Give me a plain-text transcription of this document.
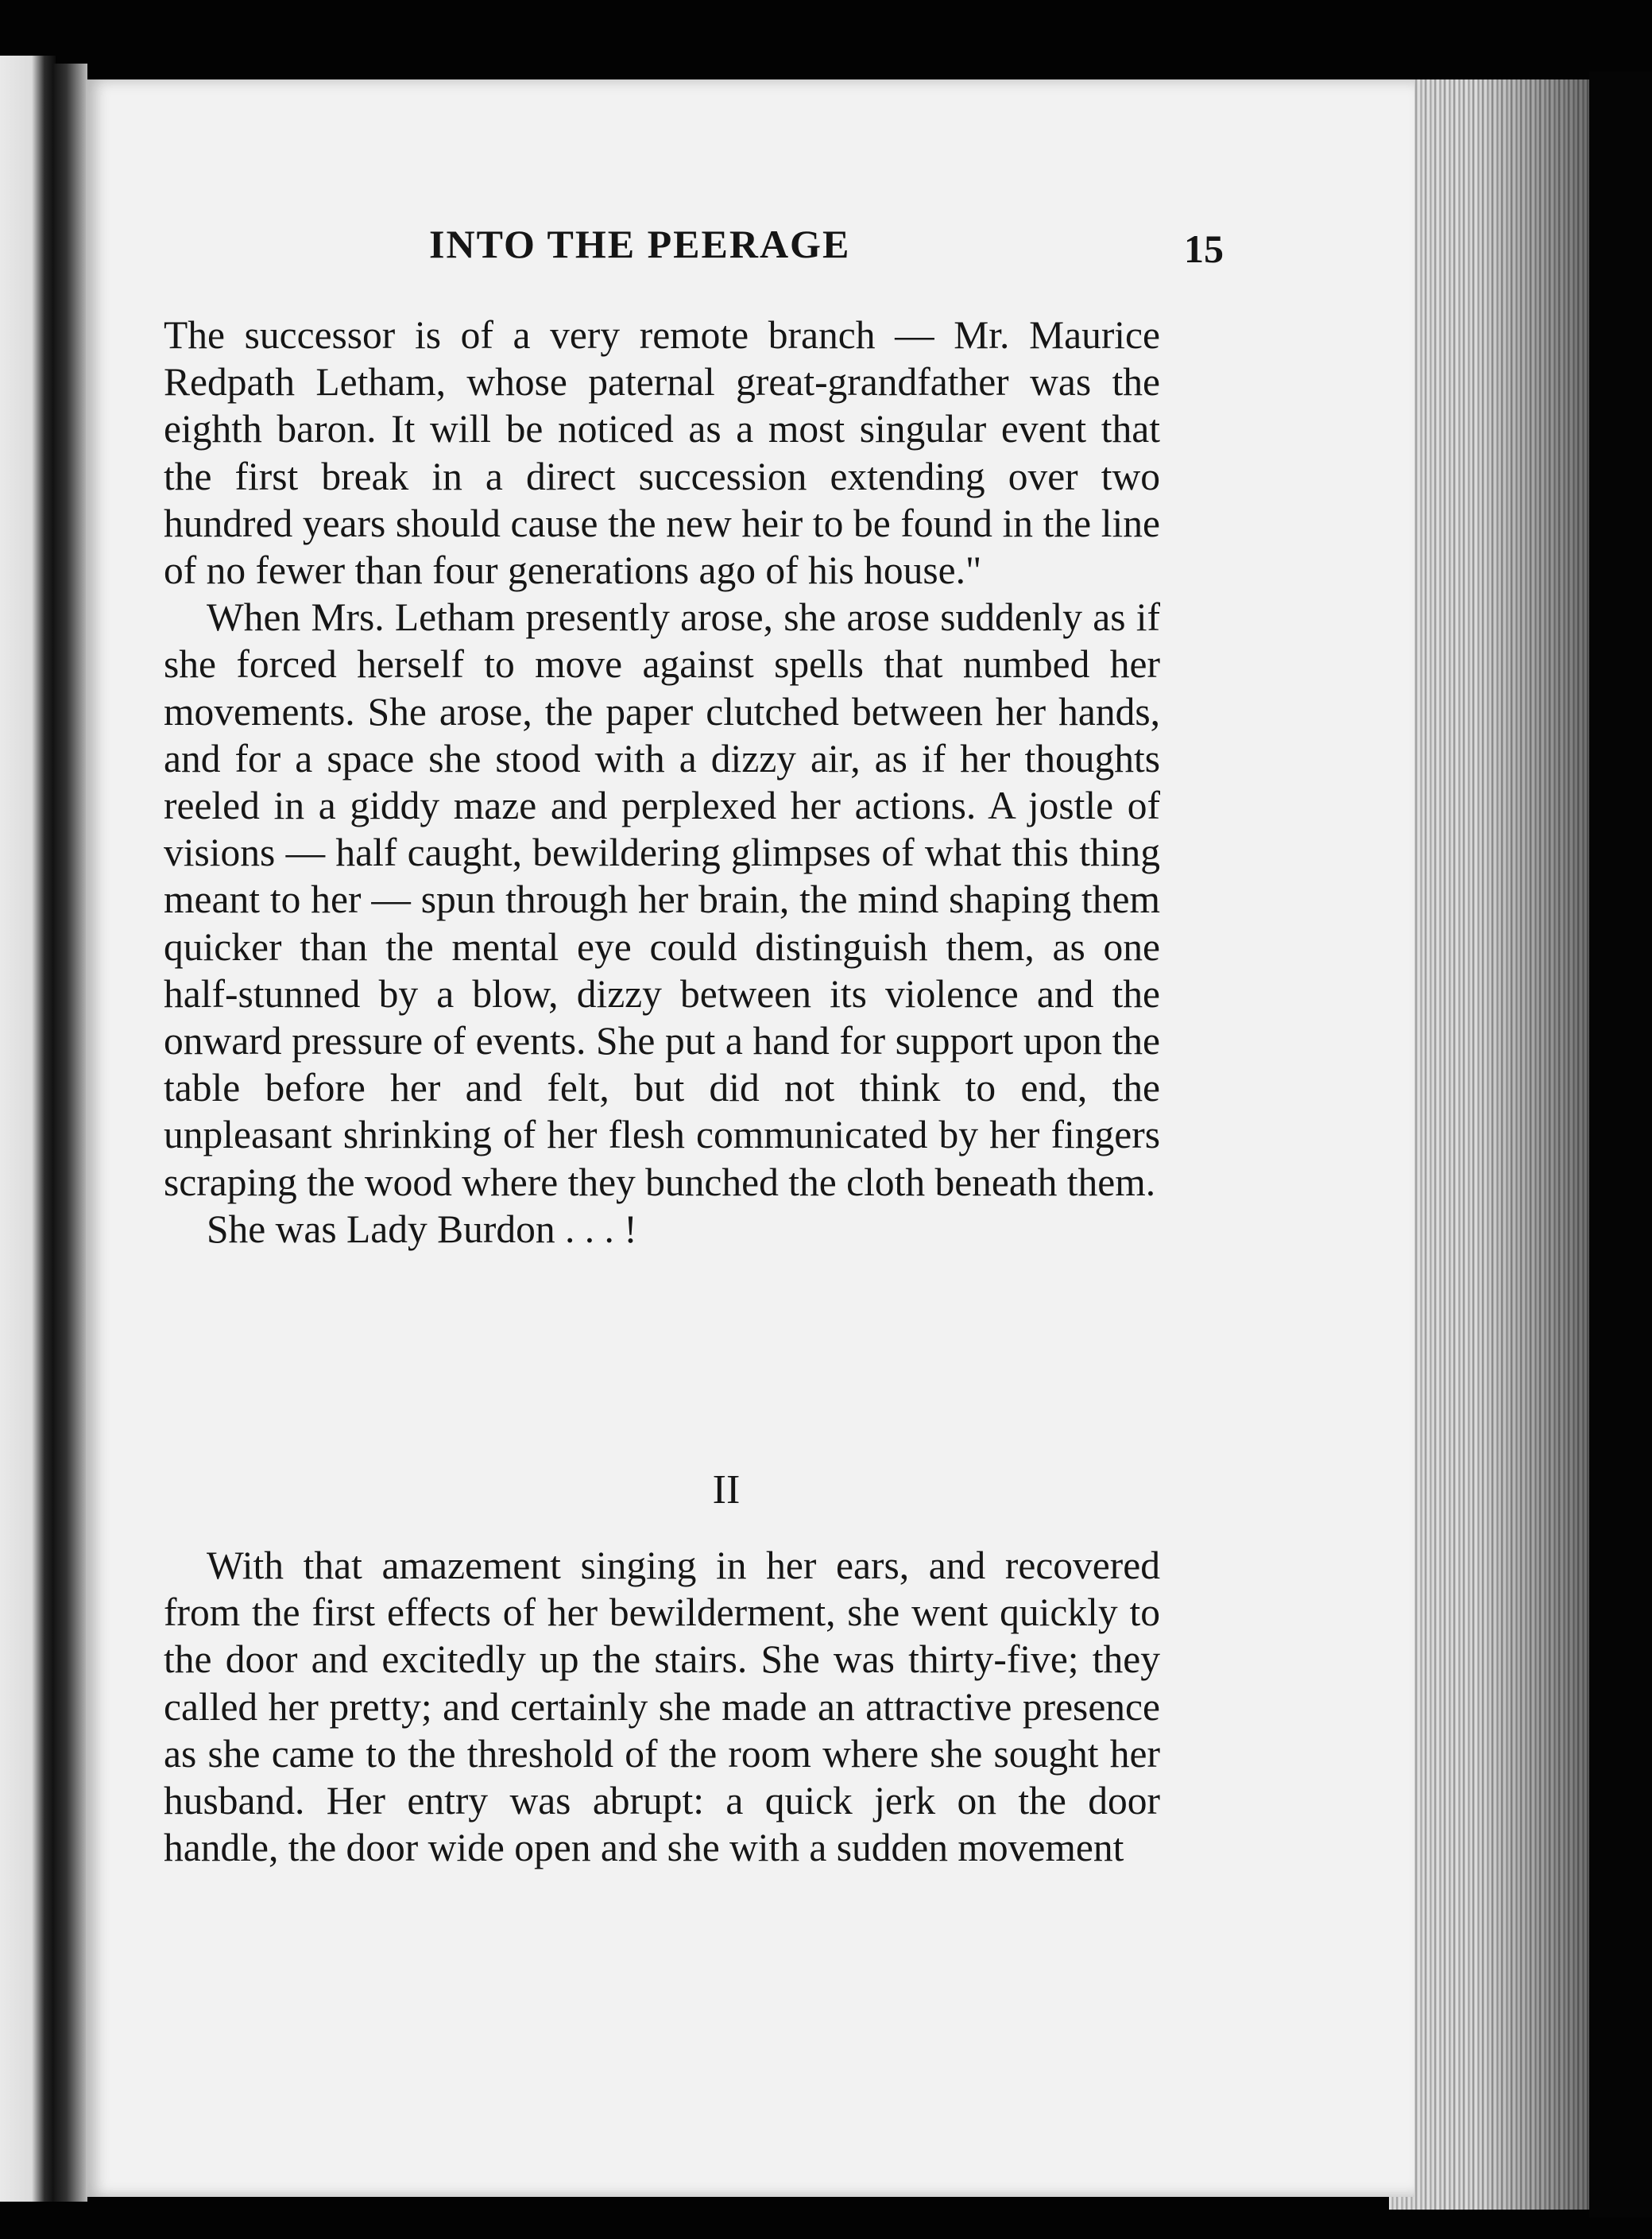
INTO THE PEERAGE	15

The successor is of a very remote branch — Mr. Maurice Redpath Letham, whose paternal great-grandfather was the eighth baron. It will be noticed as a most singular event that the first break in a direct succession extending over two hundred years should cause the new heir to be found in the line of no fewer than four generations ago of his house."

When Mrs. Letham presently arose, she arose suddenly as if she forced herself to move against spells that numbed her movements. She arose, the paper clutched between her hands, and for a space she stood with a dizzy air, as if her thoughts reeled in a giddy maze and perplexed her actions. A jostle of visions — half caught, bewildering glimpses of what this thing meant to her — spun through her brain, the mind shaping them quicker than the mental eye could distinguish them, as one half-stunned by a blow, dizzy between its violence and the onward pressure of events. She put a hand for support upon the table before her and felt, but did not think to end, the unpleasant shrinking of her flesh communicated by her fingers scraping the wood where they bunched the cloth beneath them.

She was Lady Burdon . . . !

II

With that amazement singing in her ears, and recovered from the first effects of her bewilderment, she went quickly to the door and excitedly up the stairs. She was thirty-five; they called her pretty; and certainly she made an attractive presence as she came to the threshold of the room where she sought her husband. Her entry was abrupt: a quick jerk on the door handle, the door wide open and she with a sudden movement
